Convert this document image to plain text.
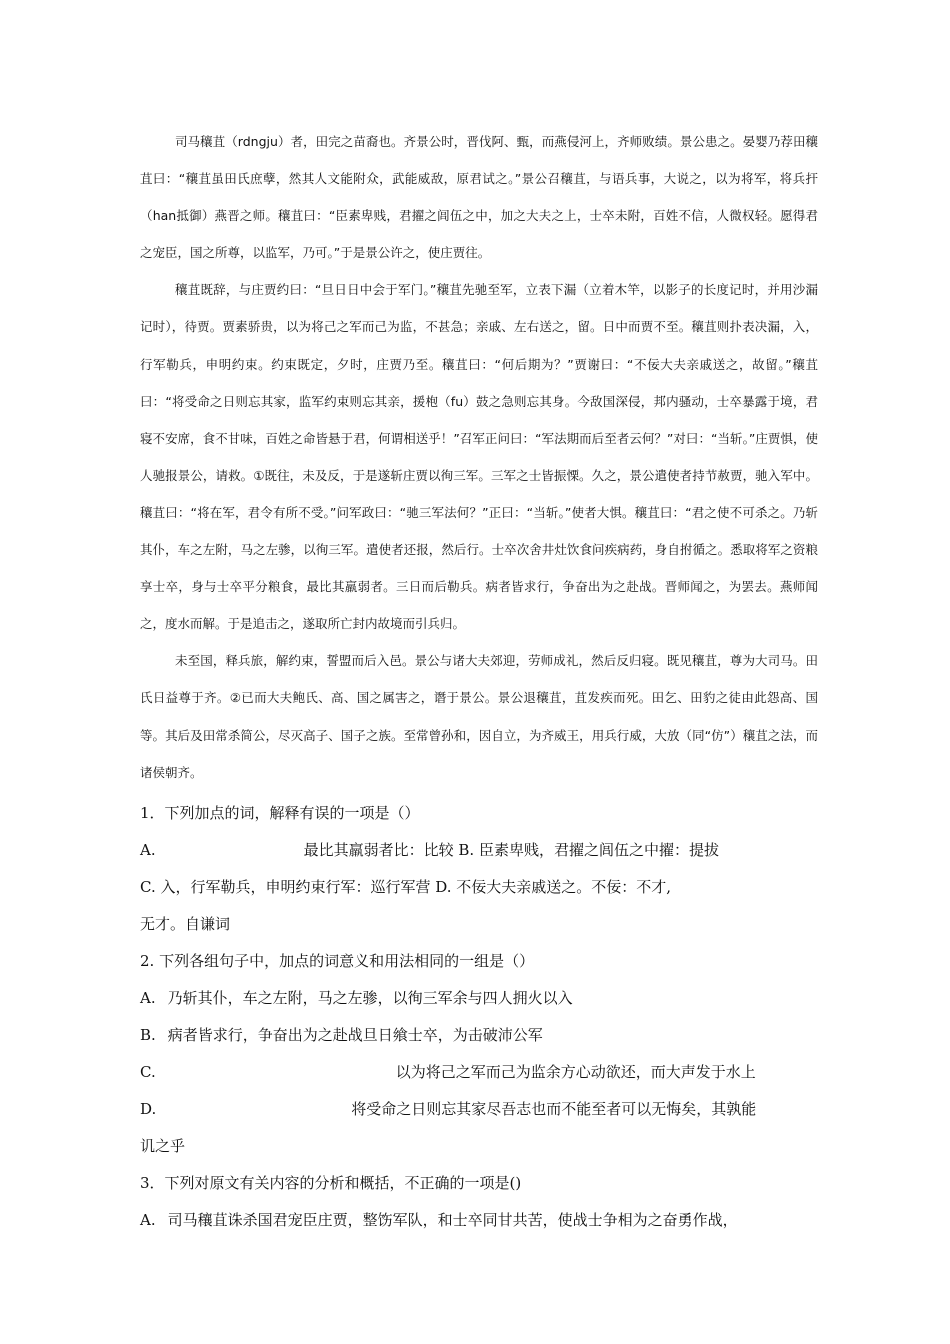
司马穰苴（rdngju）者，田完之苗裔也。齐景公时，晋伐阿、甄，而燕侵河上，齐师败绩。景公患之。晏婴乃荐田穰苴曰：“穰苴虽田氏庶孽，然其人文能附众，武能威敌，原君试之。”景公召穰苴，与语兵事，大说之，以为将军，将兵扞（han抵御）燕晋之师。穰苴曰：“臣素卑贱，君擢之闾伍之中，加之大夫之上，士卒未附，百姓不信，人微权轻。愿得君之宠臣，国之所尊，以监军，乃可。”于是景公许之，使庄贾往。

穰苴既辞，与庄贾约曰：“旦日日中会于军门。”穰苴先驰至军，立表下漏（立着木竿，以影子的长度记时，并用沙漏记时），待贾。贾素骄贵，以为将己之军而己为监，不甚急；亲戚、左右送之，留。日中而贾不至。穰苴则扑表决漏，入，行军勒兵，申明约束。约束既定，夕时，庄贾乃至。穰苴曰：“何后期为？”贾谢曰：“不佞大夫亲戚送之，故留。”穰苴曰：“将受命之日则忘其家，监军约束则忘其亲，援枹（fu）鼓之急则忘其身。今敌国深侵，邦内骚动，士卒暴露于境，君寝不安席，食不甘味，百姓之命皆悬于君，何谓相送乎！”召军正问曰：“军法期而后至者云何？”对曰：“当斩。”庄贾惧，使人驰报景公，请救。①既往，未及反，于是遂斩庄贾以徇三军。三军之士皆振慄。久之，景公遣使者持节赦贾，驰入军中。穰苴曰：“将在军，君令有所不受。”问军政曰：“驰三军法何？”正曰：“当斩。”使者大惧。穰苴曰：“君之使不可杀之。乃斩其仆，车之左附，马之左骖，以徇三军。遣使者还报，然后行。士卒次舍井灶饮食问疾病药，身自拊循之。悉取将军之资粮享士卒，身与士卒平分粮食，最比其羸弱者。三日而后勒兵。病者皆求行，争奋出为之赴战。晋师闻之，为罢去。燕师闻之，度水而解。于是追击之，遂取所亡封内故境而引兵归。

未至国，释兵旅，解约束，誓盟而后入邑。景公与诸大夫郊迎，劳师成礼，然后反归寝。既见穰苴，尊为大司马。田氏日益尊于齐。②已而大夫鲍氏、高、国之属害之，谮于景公。景公退穰苴，苴发疾而死。田乞、田豹之徒由此怨高、国等。其后及田常杀简公，尽灭高子、国子之族。至常曾孙和，因自立，为齐威王，用兵行威，大放（同“仿”）穰苴之法，而诸侯朝齐。

1．下列加点的词，解释有误的一项是（）
A.	最比其羸弱者比：比较 B. 臣素卑贱，君擢之闾伍之中擢：提拔
C. 入，行军勒兵，申明约束行军：巡行军营 D. 不佞大夫亲戚送之。不佞：不才,
无才。自谦词
2. 下列各组句子中，加点的词意义和用法相同的一组是（）
A. 乃斩其仆，车之左附，马之左骖，以徇三军余与四人拥火以入
B. 病者皆求行，争奋出为之赴战旦日飨士卒，为击破沛公军
C.	以为将己之军而己为监余方心动欲还，而大声发于水上
D.	将受命之日则忘其家尽吾志也而不能至者可以无悔矣，其孰能
讥之乎
3．下列对原文有关内容的分析和概括，不正确的一项是()
A. 司马穰苴诛杀国君宠臣庄贾，整饬军队，和士卒同甘共苦，使战士争相为之奋勇作战，
